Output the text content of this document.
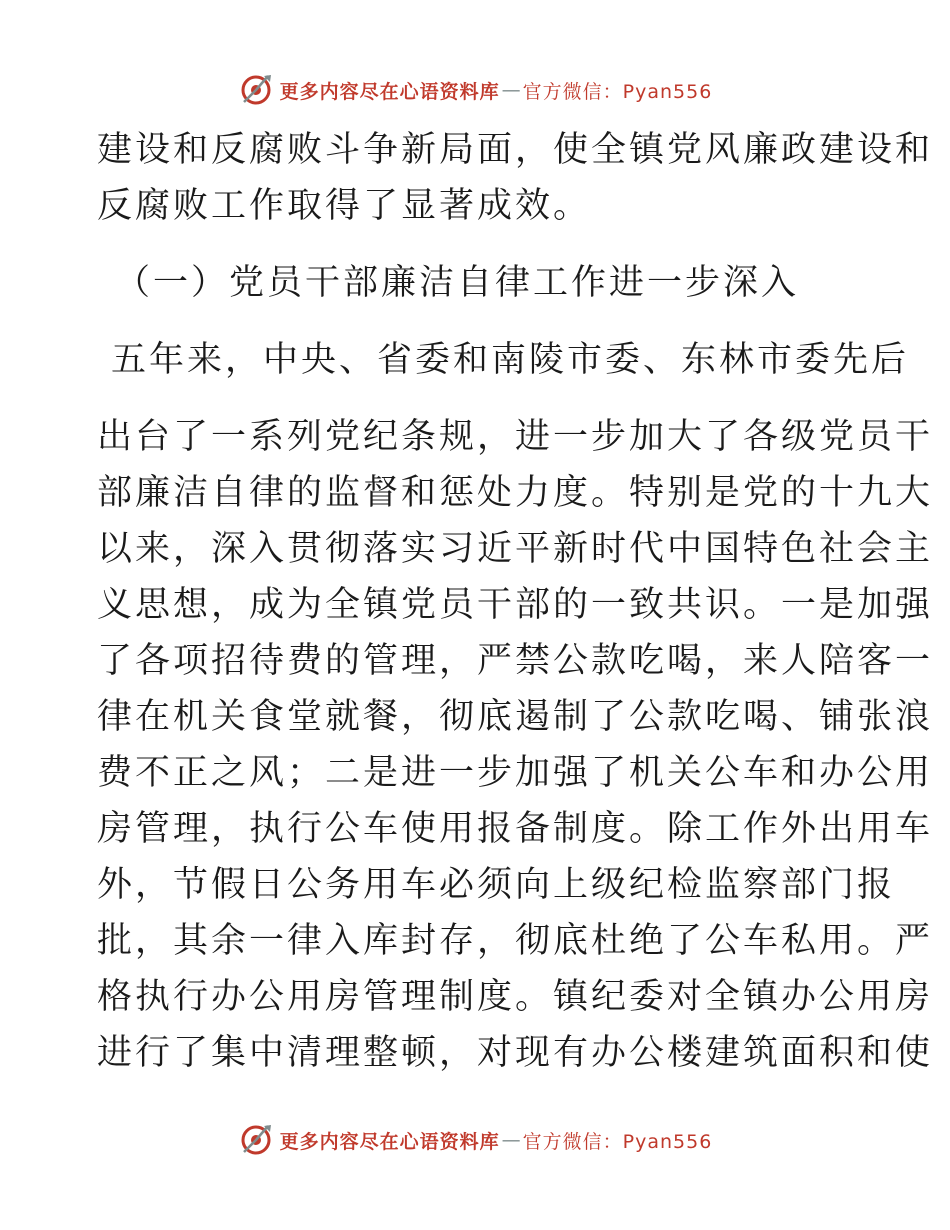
更多内容尽在心语资料库 — 官方微信：Pyan556
建设和反腐败斗争新局面，使全镇党风廉政建设和
反腐败工作取得了显著成效。
（一）党员干部廉洁自律工作进一步深入
五年来，中央、省委和南陵市委、东林市委先后
出台了一系列党纪条规，进一步加大了各级党员干
部廉洁自律的监督和惩处力度。特别是党的十九大
以来，深入贯彻落实习近平新时代中国特色社会主
义思想，成为全镇党员干部的一致共识。一是加强
了各项招待费的管理，严禁公款吃喝，来人陪客一
律在机关食堂就餐，彻底遏制了公款吃喝、铺张浪
费不正之风；二是进一步加强了机关公车和办公用
房管理，执行公车使用报备制度。除工作外出用车
外，节假日公务用车必须向上级纪检监察部门报
批，其余一律入库封存，彻底杜绝了公车私用。严
格执行办公用房管理制度。镇纪委对全镇办公用房
进行了集中清理整顿，对现有办公楼建筑面积和使
更多内容尽在心语资料库 — 官方微信：Pyan556
